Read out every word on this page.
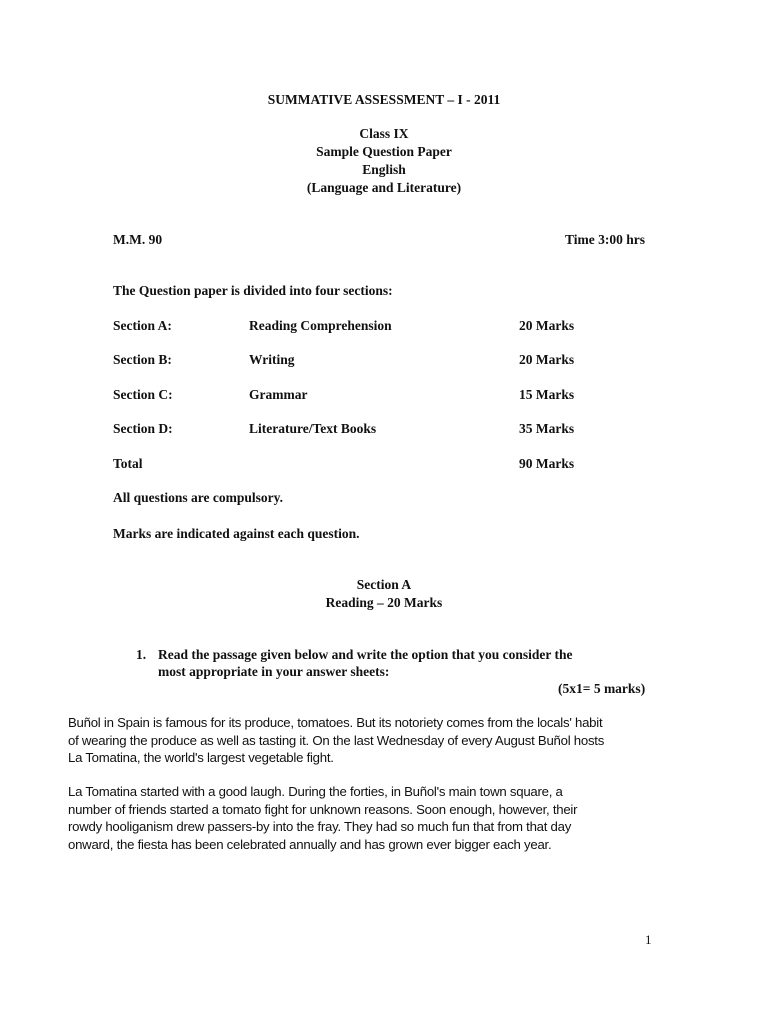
SUMMATIVE ASSESSMENT – I - 2011
Class IX
Sample Question Paper
English
(Language and Literature)
M.M. 90	Time 3:00 hrs
The Question paper is divided into four sections:
Section A:	Reading Comprehension	20 Marks
Section B:	Writing	20 Marks
Section C:	Grammar	15 Marks
Section D:	Literature/Text Books	35 Marks
Total	90 Marks
All questions are compulsory.
Marks are indicated against each question.
Section A
Reading – 20 Marks
1. Read the passage given below and write the option that you consider the
most appropriate in your answer sheets:
(5x1= 5 marks)
Buñol in Spain is famous for its produce, tomatoes. But its notoriety comes from the locals' habit
of wearing the produce as well as tasting it. On the last Wednesday of every August Buñol hosts
La Tomatina, the world's largest vegetable fight.
La Tomatina started with a good laugh. During the forties, in Buñol's main town square, a
number of friends started a tomato fight for unknown reasons. Soon enough, however, their
rowdy hooliganism drew passers-by into the fray. They had so much fun that from that day
onward, the fiesta has been celebrated annually and has grown ever bigger each year.
1
